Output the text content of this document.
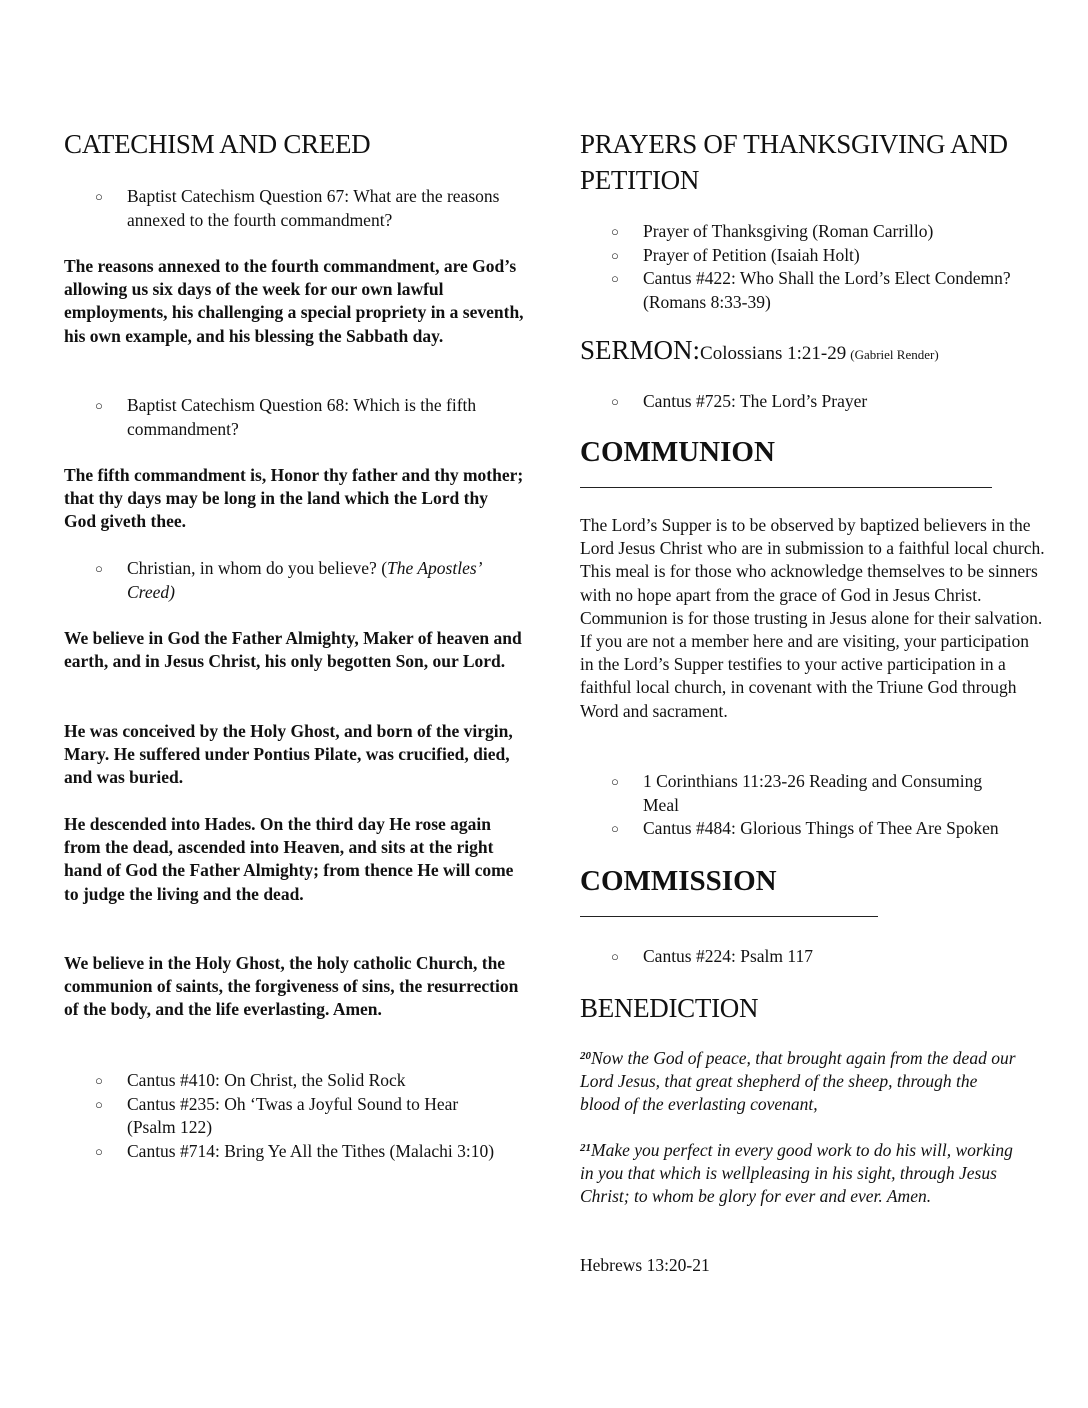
CATECHISM AND CREED
○ Baptist Catechism Question 67: What are the reasons annexed to the fourth commandment?

The reasons annexed to the fourth commandment, are God’s allowing us six days of the week for our own lawful employments, his challenging a special propriety in a seventh, his own example, and his blessing the Sabbath day.

○ Baptist Catechism Question 68: Which is the fifth commandment?

The fifth commandment is, Honor thy father and thy mother; that thy days may be long in the land which the Lord thy God giveth thee.

○ Christian, in whom do you believe? (The Apostles’ Creed)

We believe in God the Father Almighty, Maker of heaven and earth, and in Jesus Christ, his only begotten Son, our Lord.

He was conceived by the Holy Ghost, and born of the virgin, Mary. He suffered under Pontius Pilate, was crucified, died, and was buried.

He descended into Hades. On the third day He rose again from the dead, ascended into Heaven, and sits at the right hand of God the Father Almighty; from thence He will come to judge the living and the dead.

We believe in the Holy Ghost, the holy catholic Church, the communion of saints, the forgiveness of sins, the resurrection of the body, and the life everlasting. Amen.

○ Cantus #410: On Christ, the Solid Rock
○ Cantus #235: Oh ‘Twas a Joyful Sound to Hear (Psalm 122)
○ Cantus #714: Bring Ye All the Tithes (Malachi 3:10)
PRAYERS OF THANKSGIVING AND PETITION
○ Prayer of Thanksgiving (Roman Carrillo)
○ Prayer of Petition (Isaiah Holt)
○ Cantus #422: Who Shall the Lord’s Elect Condemn? (Romans 8:33-39)
SERMON:Colossians 1:21-29 (Gabriel Render)
○ Cantus #725: The Lord’s Prayer
COMMUNION

The Lord’s Supper is to be observed by baptized believers in the Lord Jesus Christ who are in submission to a faithful local church. This meal is for those who acknowledge themselves to be sinners with no hope apart from the grace of God in Jesus Christ. Communion is for those trusting in Jesus alone for their salvation. If you are not a member here and are visiting, your participation in the Lord’s Supper testifies to your active participation in a faithful local church, in covenant with the Triune God through Word and sacrament.

○ 1 Corinthians 11:23-26 Reading and Consuming Meal
○ Cantus #484: Glorious Things of Thee Are Spoken
COMMISSION
○ Cantus #224: Psalm 117
BENEDICTION

$^{20}$Now the God of peace, that brought again from the dead our Lord Jesus, that great shepherd of the sheep, through the blood of the everlasting covenant,

$^{21}$Make you perfect in every good work to do his will, working in you that which is wellpleasing in his sight, through Jesus Christ; to whom be glory for ever and ever. Amen.

Hebrews 13:20-21
